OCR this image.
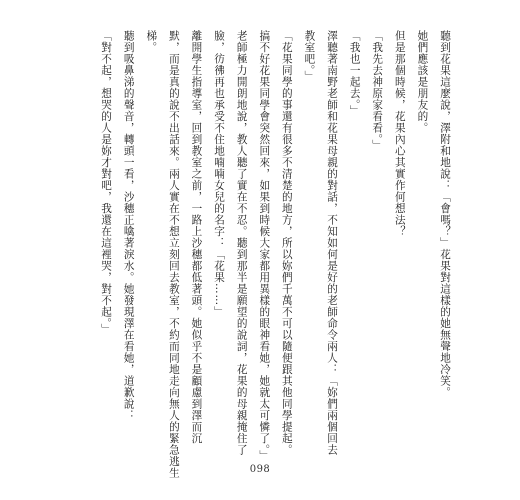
聽到花果這麼說，澤附和地說：「會嗎？」花果對這樣的她無聲地冷笑。
她們應該是朋友的。
但是那個時候，花果內心其實作何想法？
「我先去神原家看看。」
「我也一起去。」
澤聽著南野老師和花果母親的對話，不知如何是好的老師命令兩人：「妳們兩個回去
教室吧。」
「花果同學的事還有很多不清楚的地方，所以妳們千萬不可以隨便跟其他同學提起。
搞不好花果同學會突然回來，如果到時候大家都用異樣的眼神看她，她就太可憐了。」
老師極力開朗地說，教人聽了實在不忍。聽到那半是願望的說詞，花果的母親掩住了
臉，彷彿再也承受不住地喃喃女兒的名字：「花果……」
離開學生指導室，回到教室之前，一路上沙穗都低著頭。她似乎不是顧慮到澤而沉
默，而是真的說不出話來。兩人實在不想立刻回去教室，不約而同地走向無人的緊急逃生
梯。
聽到吸鼻涕的聲音，轉頭一看，沙穗正噙著淚水。她發現澤在看她，道歉說：
「對不起，想哭的人是妳才對吧，我還在這裡哭，對不起。」
098
